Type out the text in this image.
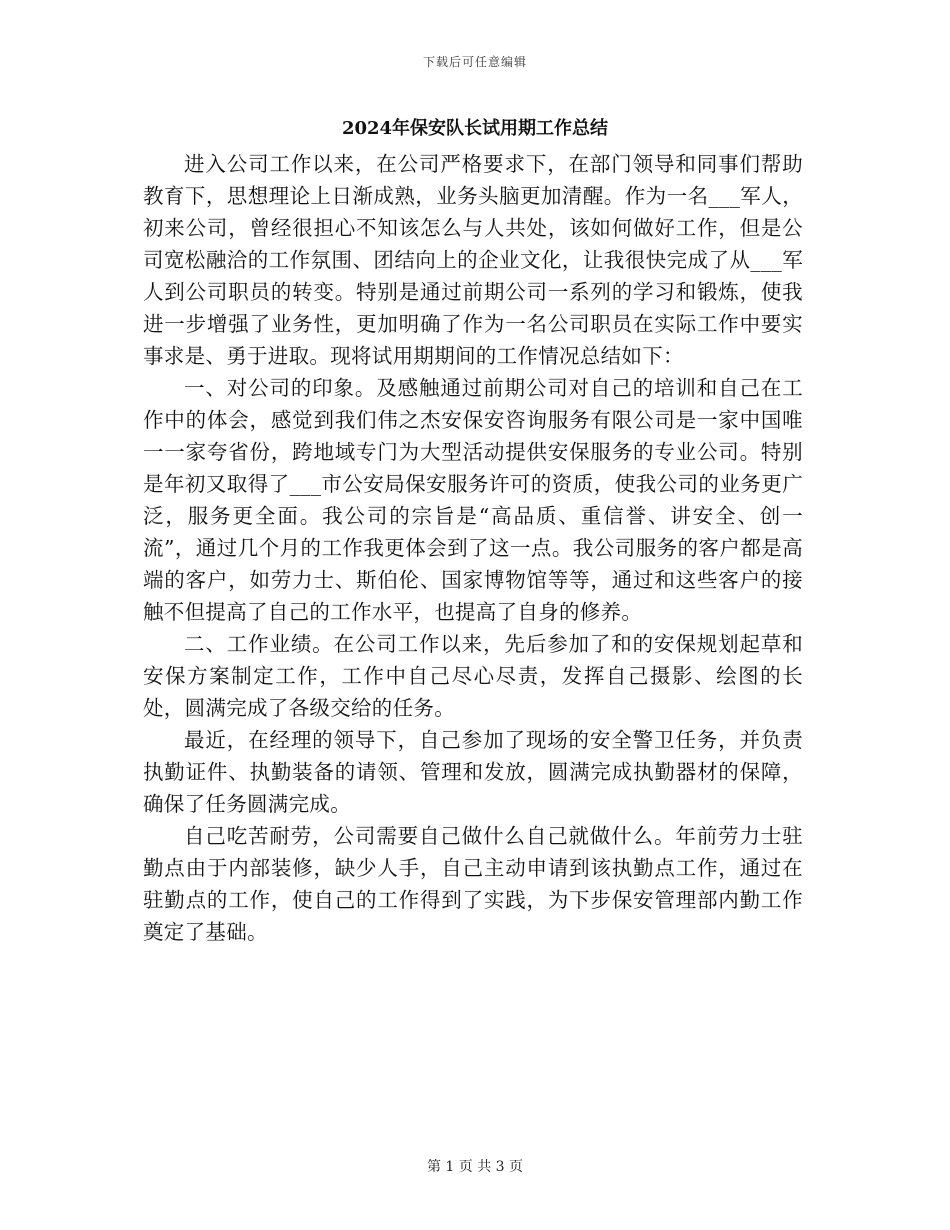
下载后可任意编辑
2024年保安队长试用期工作总结

进入公司工作以来，在公司严格要求下，在部门领导和同事们帮助教育下，思想理论上日渐成熟，业务头脑更加清醒。作为一名___军人，初来公司，曾经很担心不知该怎么与人共处，该如何做好工作，但是公司宽松融洽的工作氛围、团结向上的企业文化，让我很快完成了从___军人到公司职员的转变。特别是通过前期公司一系列的学习和锻炼，使我进一步增强了业务性，更加明确了作为一名公司职员在实际工作中要实事求是、勇于进取。现将试用期期间的工作情况总结如下：

一、对公司的印象。及感触通过前期公司对自己的培训和自己在工作中的体会，感觉到我们伟之杰安保安咨询服务有限公司是一家中国唯一一家夸省份，跨地域专门为大型活动提供安保服务的专业公司。特别是年初又取得了___市公安局保安服务许可的资质，使我公司的业务更广泛，服务更全面。我公司的宗旨是“高品质、重信誉、讲安全、创一流”，通过几个月的工作我更体会到了这一点。我公司服务的客户都是高端的客户，如劳力士、斯伯伦、国家博物馆等等，通过和这些客户的接触不但提高了自己的工作水平，也提高了自身的修养。

二、工作业绩。在公司工作以来，先后参加了和的安保规划起草和安保方案制定工作，工作中自己尽心尽责，发挥自己摄影、绘图的长处，圆满完成了各级交给的任务。

最近，在经理的领导下，自己参加了现场的安全警卫任务，并负责执勤证件、执勤装备的请领、管理和发放，圆满完成执勤器材的保障，确保了任务圆满完成。

自己吃苦耐劳，公司需要自己做什么自己就做什么。年前劳力士驻勤点由于内部装修，缺少人手，自己主动申请到该执勤点工作，通过在驻勤点的工作，使自己的工作得到了实践，为下步保安管理部内勤工作奠定了基础。

第 1 页 共 3 页
